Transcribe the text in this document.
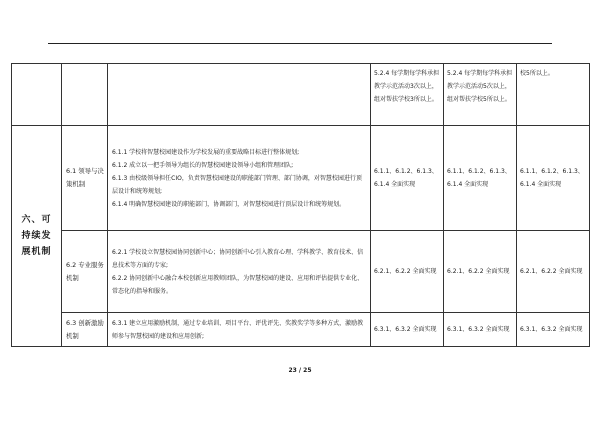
			5.2.4 每学期每学科承担教学示范活动3次以上，组对帮扶学校3所以上。	5.2.4 每学期每学科承担教学示范活动5次以上，组对帮扶学校5所以上。	校5所以上。
六、可持续发展机制	6.1 领导与决策机制	6.1.1 学校将智慧校园建设作为学校发展的重要战略目标进行整体规划;
6.1.2 成立以一把手领导为组长的智慧校园建设领导小组和管理团队;
6.1.3 由校级领导担任CIO，负责智慧校园建设的职能部门管理、部门协调，对智慧校园进行顶层设计和统筹规划;
6.1.4 明确智慧校园建设的职能部门，协调部门，对智慧校园进行顶层设计和统筹规划。	6.1.1、6.1.2、6.1.3、6.1.4 全面实现	6.1.1、6.1.2、6.1.3、6.1.4 全面实现	6.1.1、6.1.2、6.1.3、6.1.4 全面实现
	6.2 专业服务机制	6.2.1 学校设立智慧校园协同创新中心；协同创新中心引入教育心理、学科教学、教育技术、信息技术等方面的专家;
6.2.2 协同创新中心融合本校创新应用教师团队，为智慧校园的建设、应用和评估提供专业化、常态化的指导和服务。	6.2.1、6.2.2 全面实现	6.2.1、6.2.2 全面实现	6.2.1、6.2.2 全面实现
	6.3 创新激励机制	6.3.1 建立应用激励机制，通过专业培训、项目平台、评优评先、奖教奖学等多种方式，激励教师参与智慧校园的建设和应用创新;	6.3.1、6.3.2 全面实现	6.3.1、6.3.2 全面实现	6.3.1、6.3.2 全面实现
23 / 25
